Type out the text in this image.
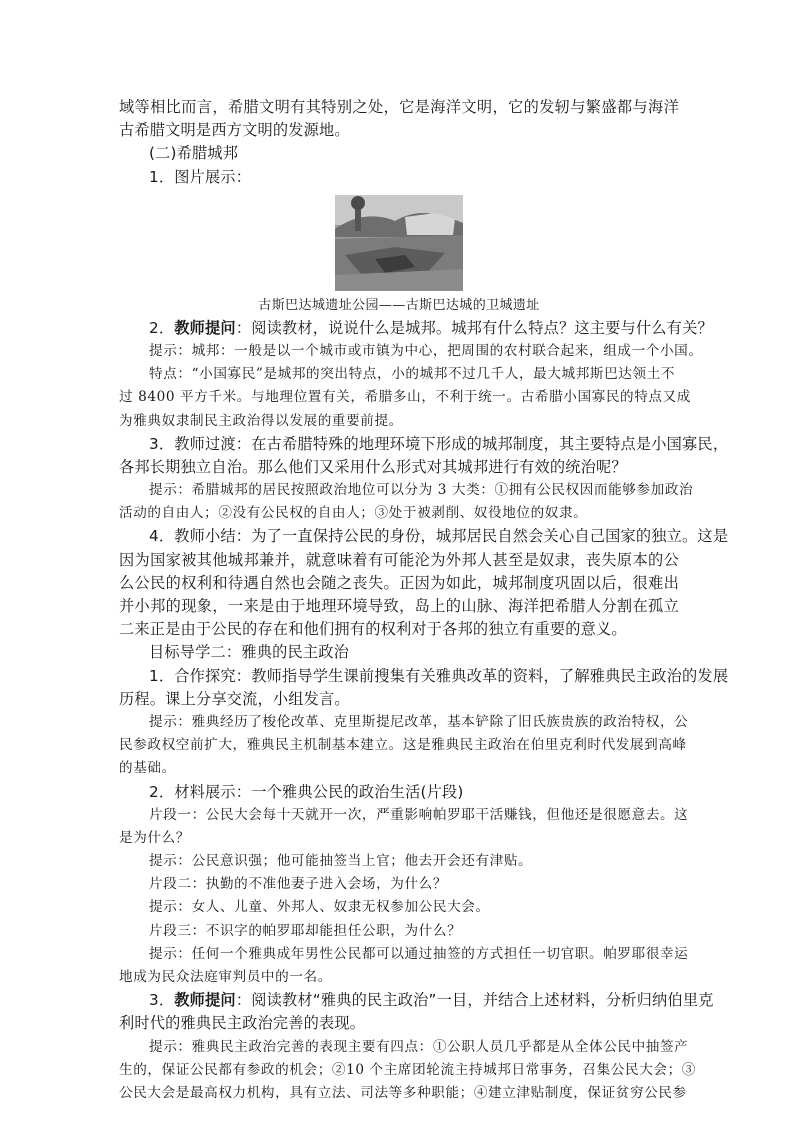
域等相比而言，希腊文明有其特别之处，它是海洋文明，它的发轫与繁盛都与海洋
古希腊文明是西方文明的发源地。
(二)希腊城邦
1．图片展示：
古斯巴达城遗址公园——古斯巴达城的卫城遗址
2．教师提问：阅读教材，说说什么是城邦。城邦有什么特点？这主要与什么有关？
提示：城邦：一般是以一个城市或市镇为中心，把周围的农村联合起来，组成一个小国。
特点：“小国寡民”是城邦的突出特点，小的城邦不过几千人，最大城邦斯巴达领土不
过 8400 平方千米。与地理位置有关，希腊多山，不利于统一。古希腊小国寡民的特点又成
为雅典奴隶制民主政治得以发展的重要前提。
3．教师过渡：在古希腊特殊的地理环境下形成的城邦制度，其主要特点是小国寡民，
各邦长期独立自治。那么他们又采用什么形式对其城邦进行有效的统治呢？
提示：希腊城邦的居民按照政治地位可以分为 3 大类：①拥有公民权因而能够参加政治
活动的自由人；②没有公民权的自由人；③处于被剥削、奴役地位的奴隶。
4．教师小结：为了一直保持公民的身份，城邦居民自然会关心自己国家的独立。这是
因为国家被其他城邦兼并，就意味着有可能沦为外邦人甚至是奴隶，丧失原本的公
么公民的权利和待遇自然也会随之丧失。正因为如此，城邦制度巩固以后，很难出
并小邦的现象，一来是由于地理环境导致，岛上的山脉、海洋把希腊人分割在孤立
二来正是由于公民的存在和他们拥有的权利对于各邦的独立有重要的意义。
目标导学二：雅典的民主政治
1．合作探究：教师指导学生课前搜集有关雅典改革的资料，了解雅典民主政治的发展
历程。课上分享交流，小组发言。
提示：雅典经历了梭伦改革、克里斯提尼改革，基本铲除了旧氏族贵族的政治特权，公
民参政权空前扩大，雅典民主机制基本建立。这是雅典民主政治在伯里克利时代发展到高峰
的基础。
2．材料展示：一个雅典公民的政治生活(片段)
片段一：公民大会每十天就开一次，严重影响帕罗耶干活赚钱，但他还是很愿意去。这
是为什么？
提示：公民意识强；他可能抽签当上官；他去开会还有津贴。
片段二：执勤的不准他妻子进入会场，为什么？
提示：女人、儿童、外邦人、奴隶无权参加公民大会。
片段三：不识字的帕罗耶却能担任公职，为什么？
提示：任何一个雅典成年男性公民都可以通过抽签的方式担任一切官职。帕罗耶很幸运
地成为民众法庭审判员中的一名。
3．教师提问：阅读教材“雅典的民主政治”一目，并结合上述材料，分析归纳伯里克
利时代的雅典民主政治完善的表现。
提示：雅典民主政治完善的表现主要有四点：①公职人员几乎都是从全体公民中抽签产
生的，保证公民都有参政的机会；②10 个主席团轮流主持城邦日常事务，召集公民大会；③
公民大会是最高权力机构，具有立法、司法等多种职能；④建立津贴制度，保证贫穷公民参
